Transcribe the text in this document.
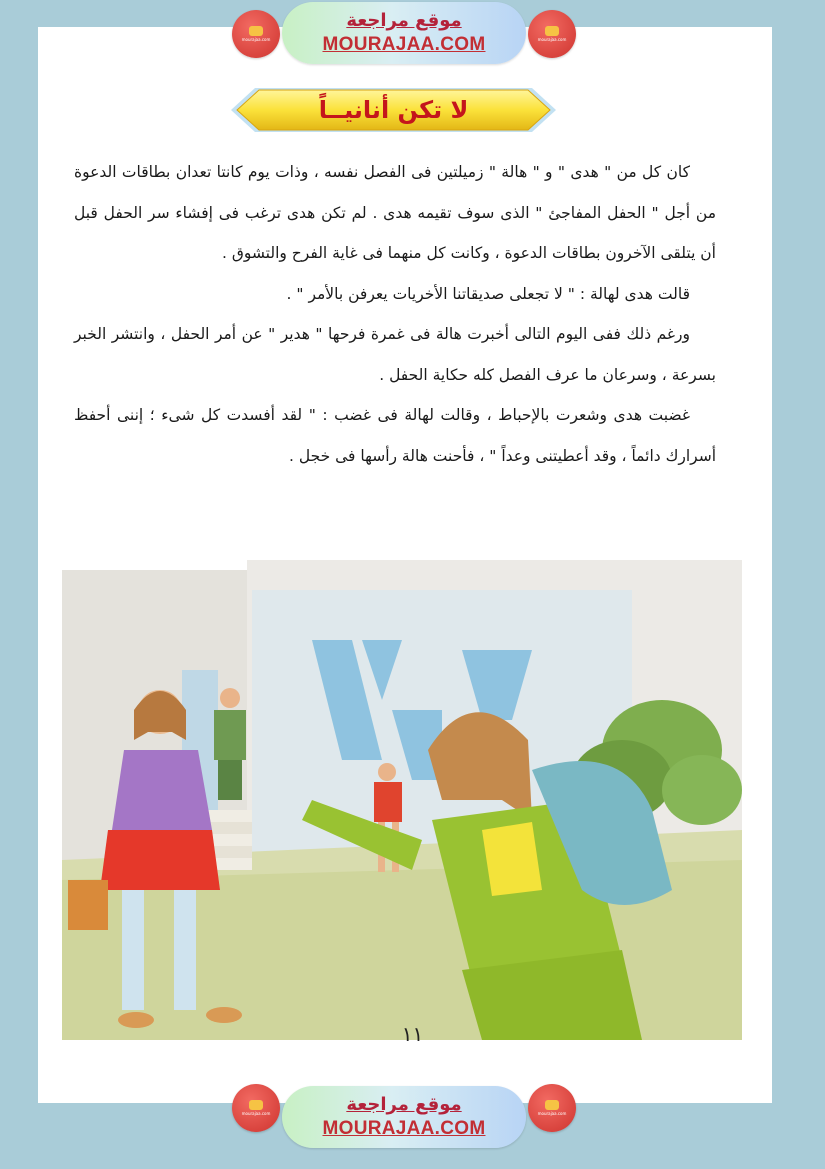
mourajaa.com
موقع مراجعة
MOURAJAA.COM	mourajaa.com
لا تكن أنانيــاً

كان كل من " هدى " و " هالة " زميلتين فى الفصل نفسه ، وذات يوم كانتا تعدان بطاقات الدعوة من أجل " الحفل المفاجئ " الذى سوف تقيمه هدى . لم تكن هدى ترغب فى إفشاء سر الحفل قبل أن يتلقى الآخرون بطاقات الدعوة ، وكانت كل منهما فى غاية الفرح والتشوق .

قالت هدى لهالة : " لا تجعلى صديقاتنا الأخريات يعرفن بالأمر " .

ورغم ذلك ففى اليوم التالى أخبرت هالة فى غمرة فرحها " هدير " عن أمر الحفل ، وانتشر الخبر بسرعة ، وسرعان ما عرف الفصل كله حكاية الحفل .

غضبت هدى وشعرت بالإحباط ، وقالت لهالة فى غضب : " لقد أفسدت كل شىء ؛ إننى أحفظ أسرارك دائماً ، وقد أعطيتنى وعداً " ، فأحنت هالة رأسها فى خجل .

١١
mourajaa.com	موقع مراجعة
MOURAJAA.COM
mourajaa.com
